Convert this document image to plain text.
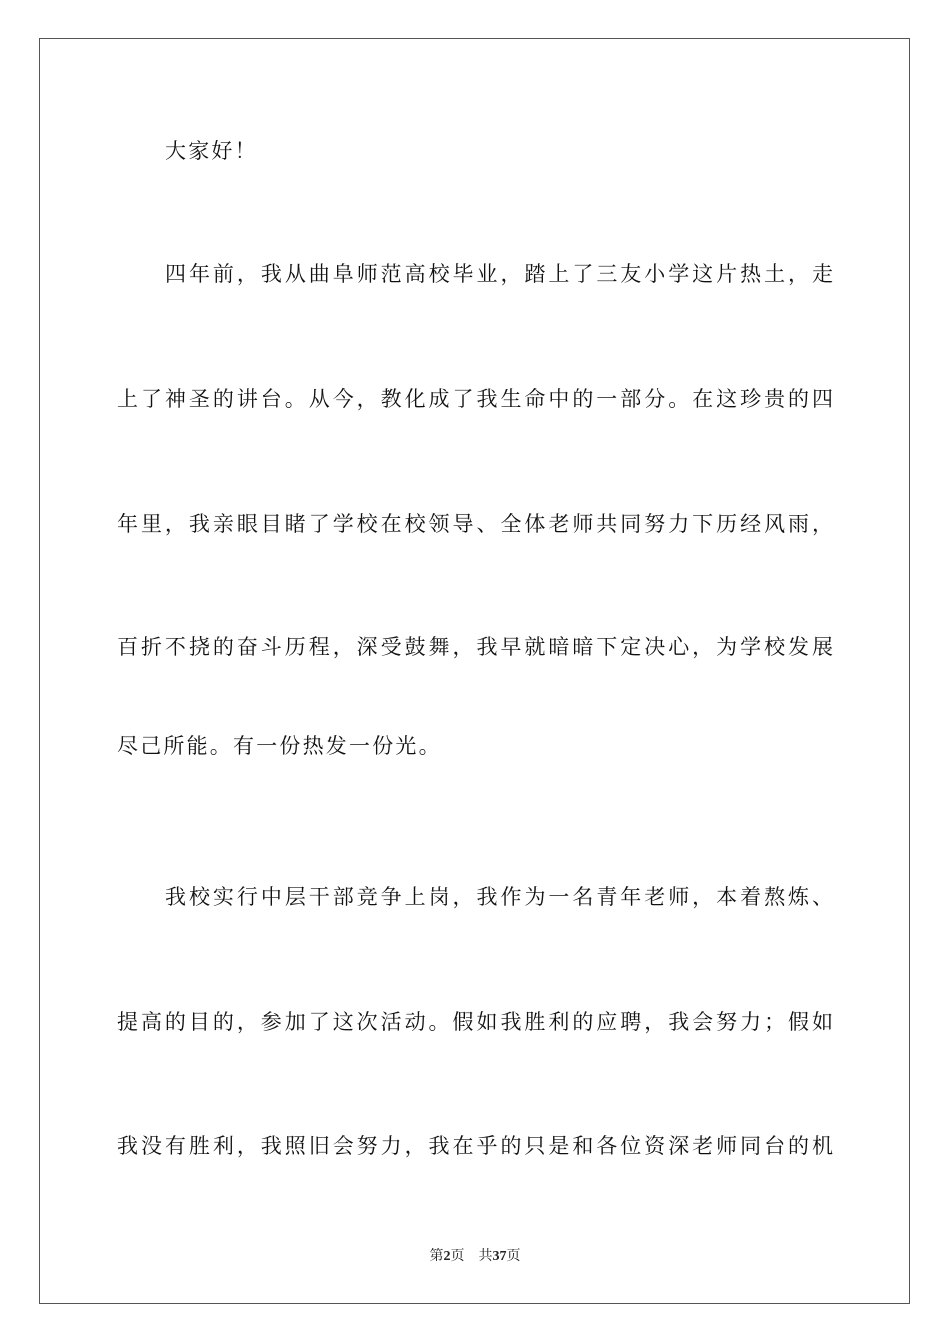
大家好！
四年前，我从曲阜师范高校毕业，踏上了三友小学这片热土，走
上了神圣的讲台。从今，教化成了我生命中的一部分。在这珍贵的四
年里，我亲眼目睹了学校在校领导、全体老师共同努力下历经风雨，
百折不挠的奋斗历程，深受鼓舞，我早就暗暗下定决心，为学校发展
尽己所能。有一份热发一份光。
我校实行中层干部竞争上岗，我作为一名青年老师，本着熬炼、
提高的目的，参加了这次活动。假如我胜利的应聘，我会努力；假如
我没有胜利，我照旧会努力，我在乎的只是和各位资深老师同台的机
第2页 共37页
